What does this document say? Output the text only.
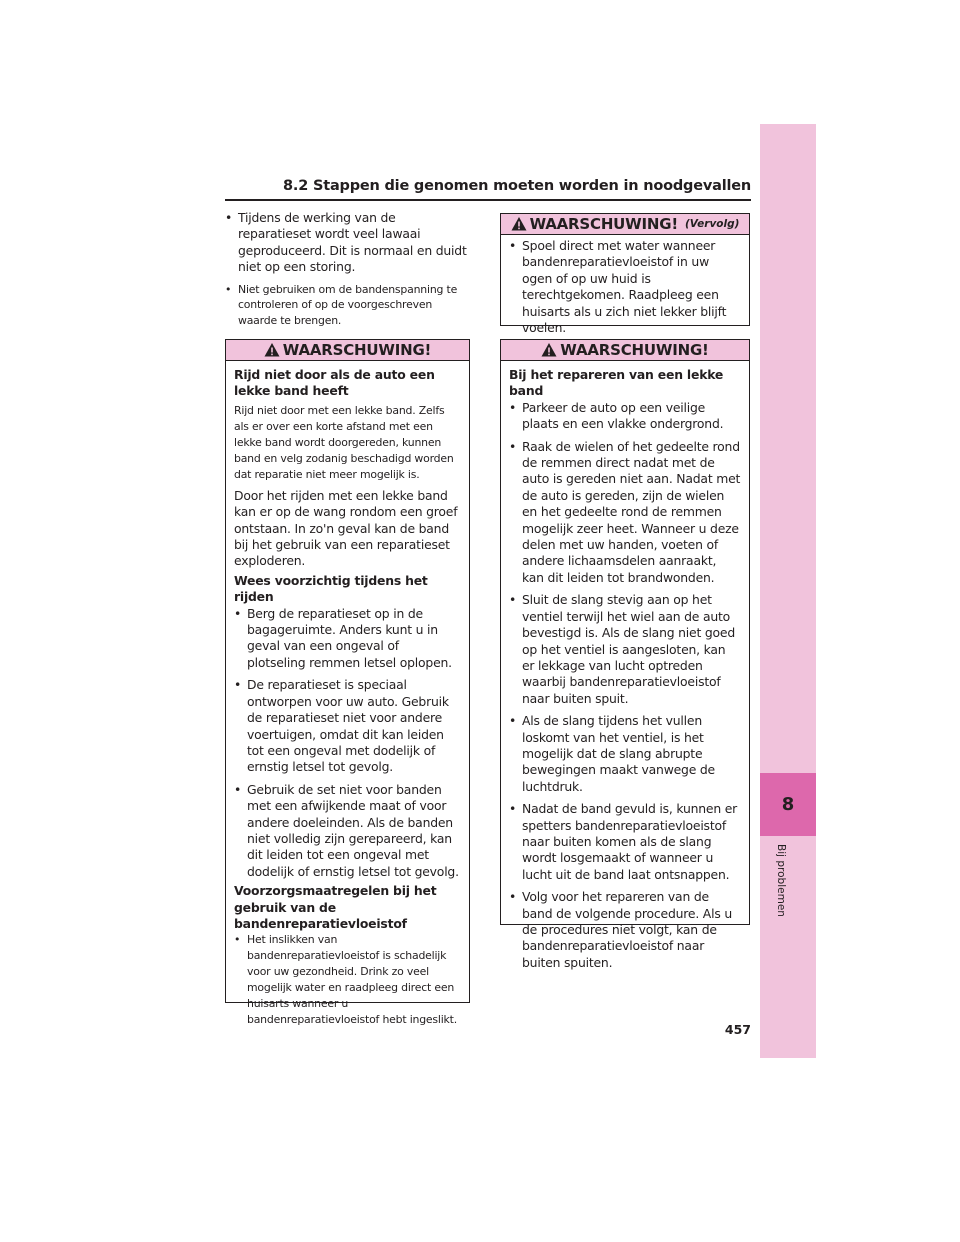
8.2 Stappen die genomen moeten worden in noodgevallen
8
Bij problemen
• Tijdens de werking van de reparatieset wordt veel lawaai geproduceerd. Dit is normaal en duidt niet op een storing.
• Niet gebruiken om de bandenspanning te controleren of op de voorgeschreven waarde te brengen.
WAARSCHUWING!
Rijd niet door als de auto een lekke band heeft
Rijd niet door met een lekke band. Zelfs als er over een korte afstand met een lekke band wordt doorgereden, kunnen band en velg zodanig beschadigd worden dat reparatie niet meer mogelijk is.
Door het rijden met een lekke band kan er op de wang rondom een groef ontstaan. In zo'n geval kan de band bij het gebruik van een reparatieset exploderen.
Wees voorzichtig tijdens het rijden
• Berg de reparatieset op in de bagageruimte. Anders kunt u in geval van een ongeval of plotseling remmen letsel oplopen.
• De reparatieset is speciaal ontworpen voor uw auto. Gebruik de reparatieset niet voor andere voertuigen, omdat dit kan leiden tot een ongeval met dodelijk of ernstig letsel tot gevolg.
• Gebruik de set niet voor banden met een afwijkende maat of voor andere doeleinden. Als de banden niet volledig zijn gerepareerd, kan dit leiden tot een ongeval met dodelijk of ernstig letsel tot gevolg.
Voorzorgsmaatregelen bij het gebruik van de bandenreparatievloeistof
• Het inslikken van bandenreparatievloeistof is schadelijk voor uw gezondheid. Drink zo veel mogelijk water en raadpleeg direct een huisarts wanneer u bandenreparatievloeistof hebt ingeslikt.
WAARSCHUWING! (Vervolg)
• Spoel direct met water wanneer bandenreparatievloeistof in uw ogen of op uw huid is terechtgekomen. Raadpleeg een huisarts als u zich niet lekker blijft voelen.
WAARSCHUWING!
Bij het repareren van een lekke band
• Parkeer de auto op een veilige plaats en een vlakke ondergrond.
• Raak de wielen of het gedeelte rond de remmen direct nadat met de auto is gereden niet aan. Nadat met de auto is gereden, zijn de wielen en het gedeelte rond de remmen mogelijk zeer heet. Wanneer u deze delen met uw handen, voeten of andere lichaamsdelen aanraakt, kan dit leiden tot brandwonden.
• Sluit de slang stevig aan op het ventiel terwijl het wiel aan de auto bevestigd is. Als de slang niet goed op het ventiel is aangesloten, kan er lekkage van lucht optreden waarbij bandenreparatievloeistof naar buiten spuit.
• Als de slang tijdens het vullen loskomt van het ventiel, is het mogelijk dat de slang abrupte bewegingen maakt vanwege de luchtdruk.
• Nadat de band gevuld is, kunnen er spetters bandenreparatievloeistof naar buiten komen als de slang wordt losgemaakt of wanneer u lucht uit de band laat ontsnappen.
• Volg voor het repareren van de band de volgende procedure. Als u de procedures niet volgt, kan de bandenreparatievloeistof naar buiten spuiten.
457
